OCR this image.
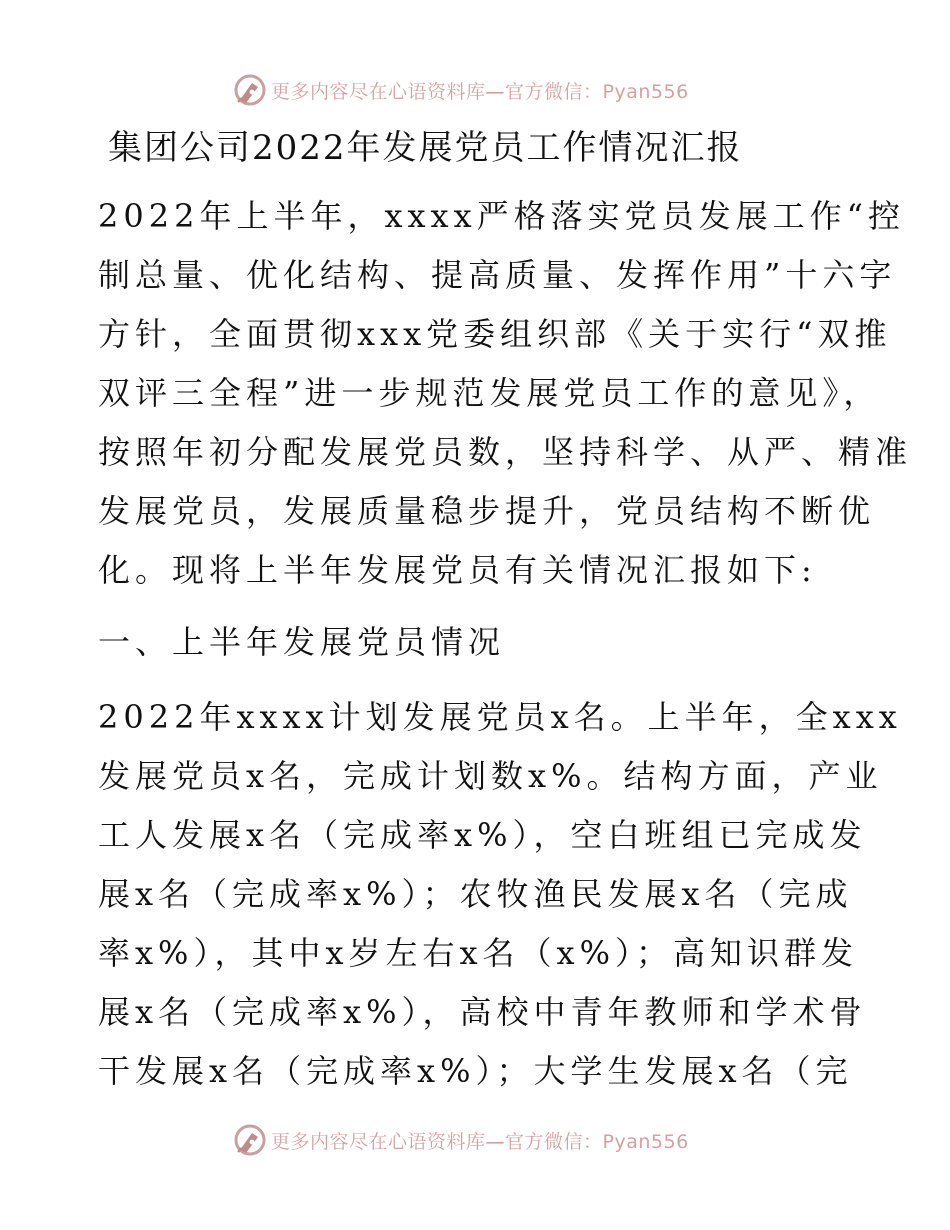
更多内容尽在心语资料库—官方微信：Pyan556
集团公司2022年发展党员工作情况汇报
2022年上半年，xxxx严格落实党员发展工作“控
制总量、优化结构、提高质量、发挥作用”十六字
方针，全面贯彻xxx党委组织部《关于实行“双推
双评三全程”进一步规范发展党员工作的意见》，
按照年初分配发展党员数，坚持科学、从严、精准
发展党员，发展质量稳步提升，党员结构不断优
化。现将上半年发展党员有关情况汇报如下:
一、上半年发展党员情况
2022年xxxx计划发展党员x名。上半年，全xxx
发展党员x名，完成计划数x%。结构方面，产业
工人发展x名（完成率x%），空白班组已完成发
展x名（完成率x%）；农牧渔民发展x名（完成
率x%），其中x岁左右x名（x%）；高知识群发
展x名（完成率x%），高校中青年教师和学术骨
干发展x名（完成率x%）；大学生发展x名（完
更多内容尽在心语资料库—官方微信：Pyan556
